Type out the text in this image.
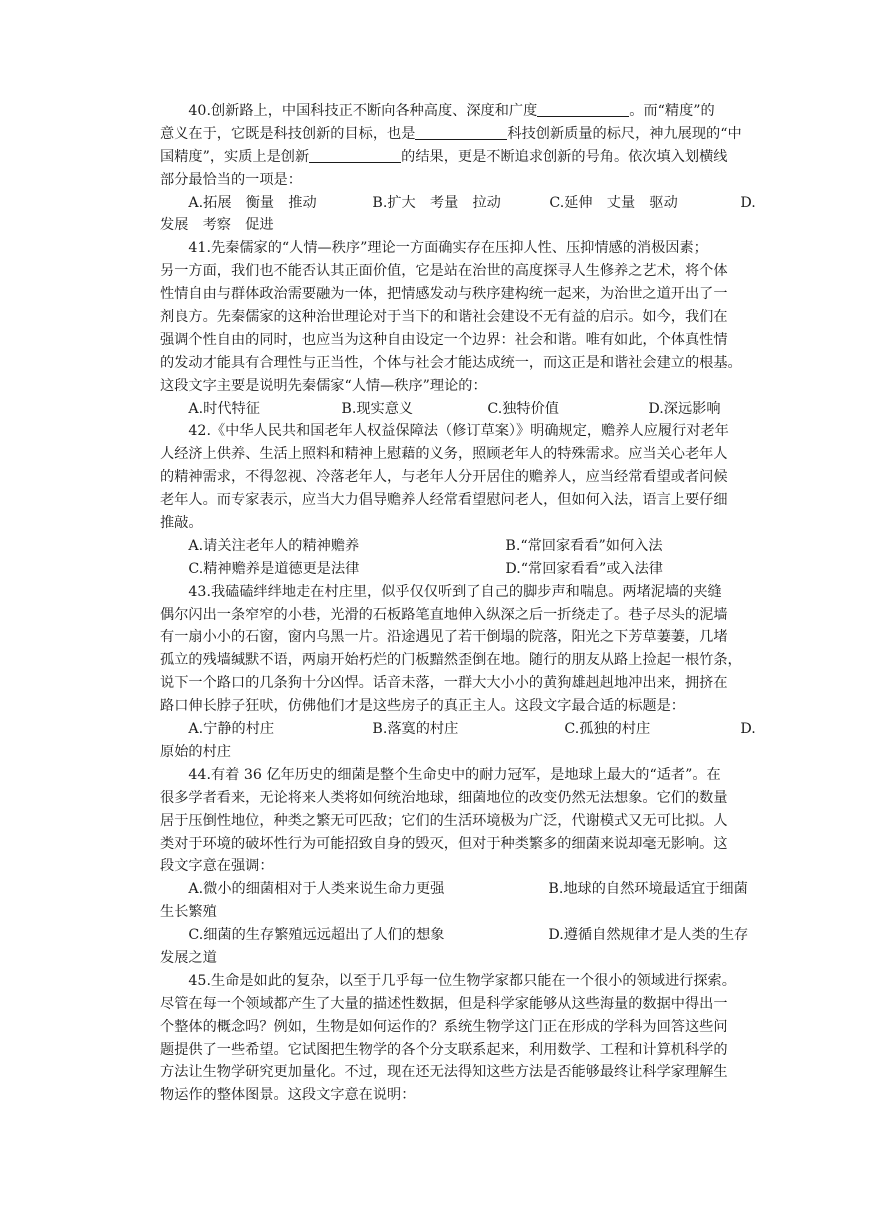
40.创新路上，中国科技正不断向各种高度、深度和广度	。而“精度”的
意义在于，它既是科技创新的目标，也是	科技创新质量的标尺，神九展现的“中
国精度”，实质上是创新	的结果，更是不断追求创新的号角。依次填入划横线
部分最恰当的一项是：
A.拓展　衡量　推动	B.扩大　考量　拉动	C.延伸　丈量　驱动	D.
发展　考察　促进
41.先秦儒家的“人情—秩序”理论一方面确实存在压抑人性、压抑情感的消极因素；
另一方面，我们也不能否认其正面价值，它是站在治世的高度探寻人生修养之艺术，将个体
性情自由与群体政治需要融为一体，把情感发动与秩序建构统一起来，为治世之道开出了一
剂良方。先秦儒家的这种治世理论对于当下的和谐社会建设不无有益的启示。如今，我们在
强调个性自由的同时，也应当为这种自由设定一个边界：社会和谐。唯有如此，个体真性情
的发动才能具有合理性与正当性，个体与社会才能达成统一，而这正是和谐社会建立的根基。
这段文字主要是说明先秦儒家“人情—秩序”理论的：
A.时代特征	B.现实意义	C.独特价值	D.深远影响
42.《中华人民共和国老年人权益保障法（修订草案）》明确规定，赡养人应履行对老年
人经济上供养、生活上照料和精神上慰藉的义务，照顾老年人的特殊需求。应当关心老年人
的精神需求，不得忽视、冷落老年人，与老年人分开居住的赡养人，应当经常看望或者问候
老年人。而专家表示，应当大力倡导赡养人经常看望慰问老人，但如何入法，语言上要仔细
推敲。
A.请关注老年人的精神赡养	B.“常回家看看”如何入法
C.精神赡养是道德更是法律	D.“常回家看看”或入法律
43.我磕磕绊绊地走在村庄里，似乎仅仅听到了自己的脚步声和喘息。两堵泥墙的夹缝
偶尔闪出一条窄窄的小巷，光滑的石板路笔直地伸入纵深之后一折绕走了。巷子尽头的泥墙
有一扇小小的石窗，窗内乌黑一片。沿途遇见了若干倒塌的院落，阳光之下芳草萋萋，几堵
孤立的残墙缄默不语，两扇开始朽烂的门板黯然歪倒在地。随行的朋友从路上捡起一根竹条，
说下一个路口的几条狗十分凶悍。话音未落，一群大大小小的黄狗雄赳赳地冲出来，拥挤在
路口伸长脖子狂吠，仿佛他们才是这些房子的真正主人。这段文字最合适的标题是：
A.宁静的村庄	B.落寞的村庄	C.孤独的村庄	D.
原始的村庄
44.有着 36 亿年历史的细菌是整个生命史中的耐力冠军，是地球上最大的“适者”。在
很多学者看来，无论将来人类将如何统治地球，细菌地位的改变仍然无法想象。它们的数量
居于压倒性地位，种类之繁无可匹敌；它们的生活环境极为广泛，代谢模式又无可比拟。人
类对于环境的破坏性行为可能招致自身的毁灭，但对于种类繁多的细菌来说却毫无影响。这
段文字意在强调：
A.微小的细菌相对于人类来说生命力更强	B.地球的自然环境最适宜于细菌
生长繁殖
C.细菌的生存繁殖远远超出了人们的想象	D.遵循自然规律才是人类的生存
发展之道
45.生命是如此的复杂，以至于几乎每一位生物学家都只能在一个很小的领域进行探索。
尽管在每一个领域都产生了大量的描述性数据，但是科学家能够从这些海量的数据中得出一
个整体的概念吗？例如，生物是如何运作的？系统生物学这门正在形成的学科为回答这些问
题提供了一些希望。它试图把生物学的各个分支联系起来，利用数学、工程和计算机科学的
方法让生物学研究更加量化。不过，现在还无法得知这些方法是否能够最终让科学家理解生
物运作的整体图景。这段文字意在说明：
